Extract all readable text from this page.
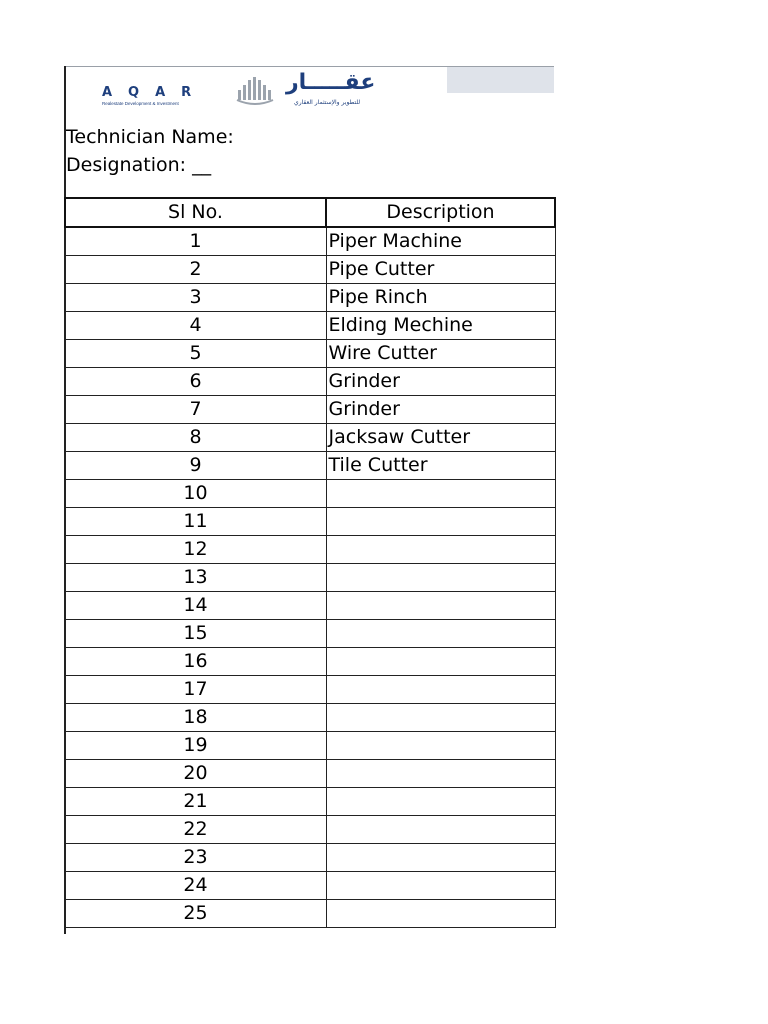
AQAR
Realestate Development & Investment
عقـــــار
للتطوير والإستثمار العقاري
Technician Name:
Designation: __
Sl No.	Description
1	Piper Machine
2	Pipe Cutter
3	Pipe Rinch
4	Elding Mechine
5	Wire Cutter
6	Grinder
7	Grinder
8	Jacksaw Cutter
9	Tile Cutter
10	
11	
12	
13	
14	
15	
16	
17	
18	
19	
20	
21	
22	
23	
24	
25	
